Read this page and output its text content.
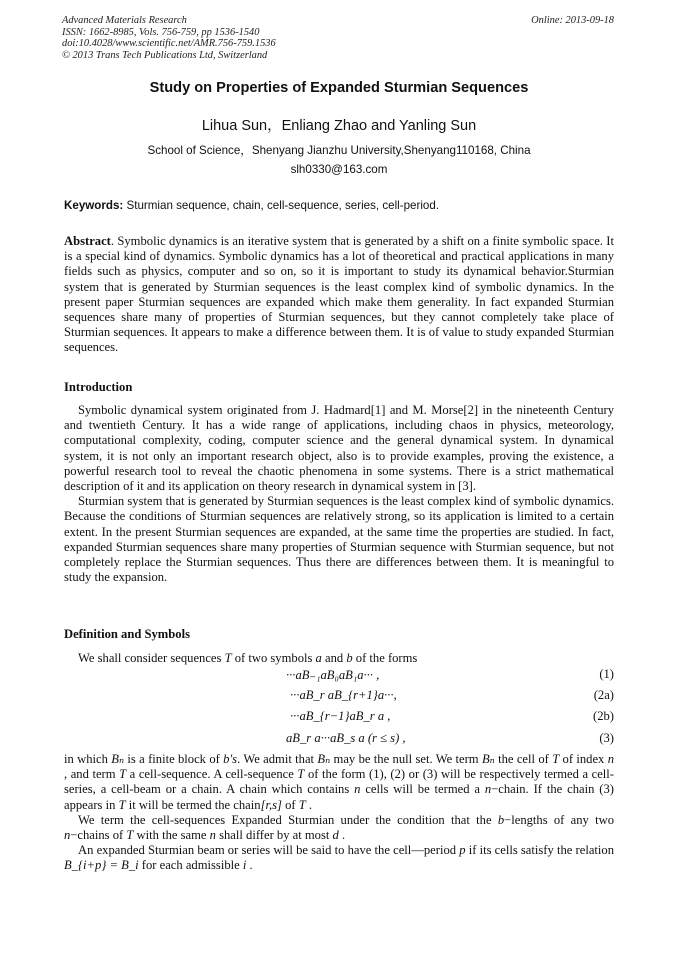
Advanced Materials Research
ISSN: 1662-8985, Vols. 756-759, pp 1536-1540
doi:10.4028/www.scientific.net/AMR.756-759.1536
© 2013 Trans Tech Publications Ltd, Switzerland
Online: 2013-09-18
Study on Properties of Expanded Sturmian Sequences
Lihua Sun，Enliang Zhao and Yanling Sun
School of Science，Shenyang Jianzhu University,Shenyang110168, China
slh0330@163.com
Keywords: Sturmian sequence, chain, cell-sequence, series, cell-period.

Abstract. Symbolic dynamics is an iterative system that is generated by a shift on a finite symbolic space. It is a special kind of dynamics. Symbolic dynamics has a lot of theoretical and practical applications in many fields such as physics, computer and so on, so it is important to study its dynamical behavior.Sturmian system that is generated by Sturmian sequences is the least complex kind of symbolic dynamics. In the present paper Sturmian sequences are expanded which make them generality. In fact expanded Sturmian sequences share many of properties of Sturmian sequences, but they cannot completely take place of Sturmian sequences. It appears to make a difference between them. It is of value to study expanded Sturmian sequences.

Introduction

Symbolic dynamical system originated from J. Hadmard[1] and M. Morse[2] in the nineteenth Century and twentieth Century. It has a wide range of applications, including chaos in physics, meteorology, computational complexity, coding, computer science and the general dynamical system. In dynamical system, it is not only an important research object, also is to provide examples, proving the existence, a powerful research tool to reveal the chaotic phenomena in some systems. There is a strict mathematical description of it and its application on theory research in dynamical system in [3].

Sturmian system that is generated by Sturmian sequences is the least complex kind of symbolic dynamics. Because the conditions of Sturmian sequences are relatively strong, so its application is limited to a certain extent. In the present Sturmian sequences are expanded, at the same time the properties are studied. In fact, expanded Sturmian sequences share many properties of Sturmian sequence with Sturmian sequence, but not completely replace the Sturmian sequences. Thus there are differences between them. It is meaningful to study the expansion.

Definition and Symbols

We shall consider sequences T of two symbols a and b of the forms

···aB₋₁aB₀aB₁a··· ,	(1)
···aB_r aB_{r+1}a···,	(2a)
···aB_{r−1}aB_r a ,	(2b)
aB_r a···aB_s a (r ≤ s) ,	(3)

in which Bₙ is a finite block of b's. We admit that Bₙ may be the null set. We term Bₙ the cell of T of index n , and term T a cell-sequence. A cell-sequence T of the form (1), (2) or (3) will be respectively termed a cell-series, a cell-beam or a chain. A chain which contains n cells will be termed a n−chain. If the chain (3) appears in T it will be termed the chain[r,s] of T .

We term the cell-sequences Expanded Sturmian under the condition that the b−lengths of any two n−chains of T with the same n shall differ by at most d .

An expanded Sturmian beam or series will be said to have the cell—period p if its cells satisfy the relation B_{i+p} = B_i for each admissible i .
